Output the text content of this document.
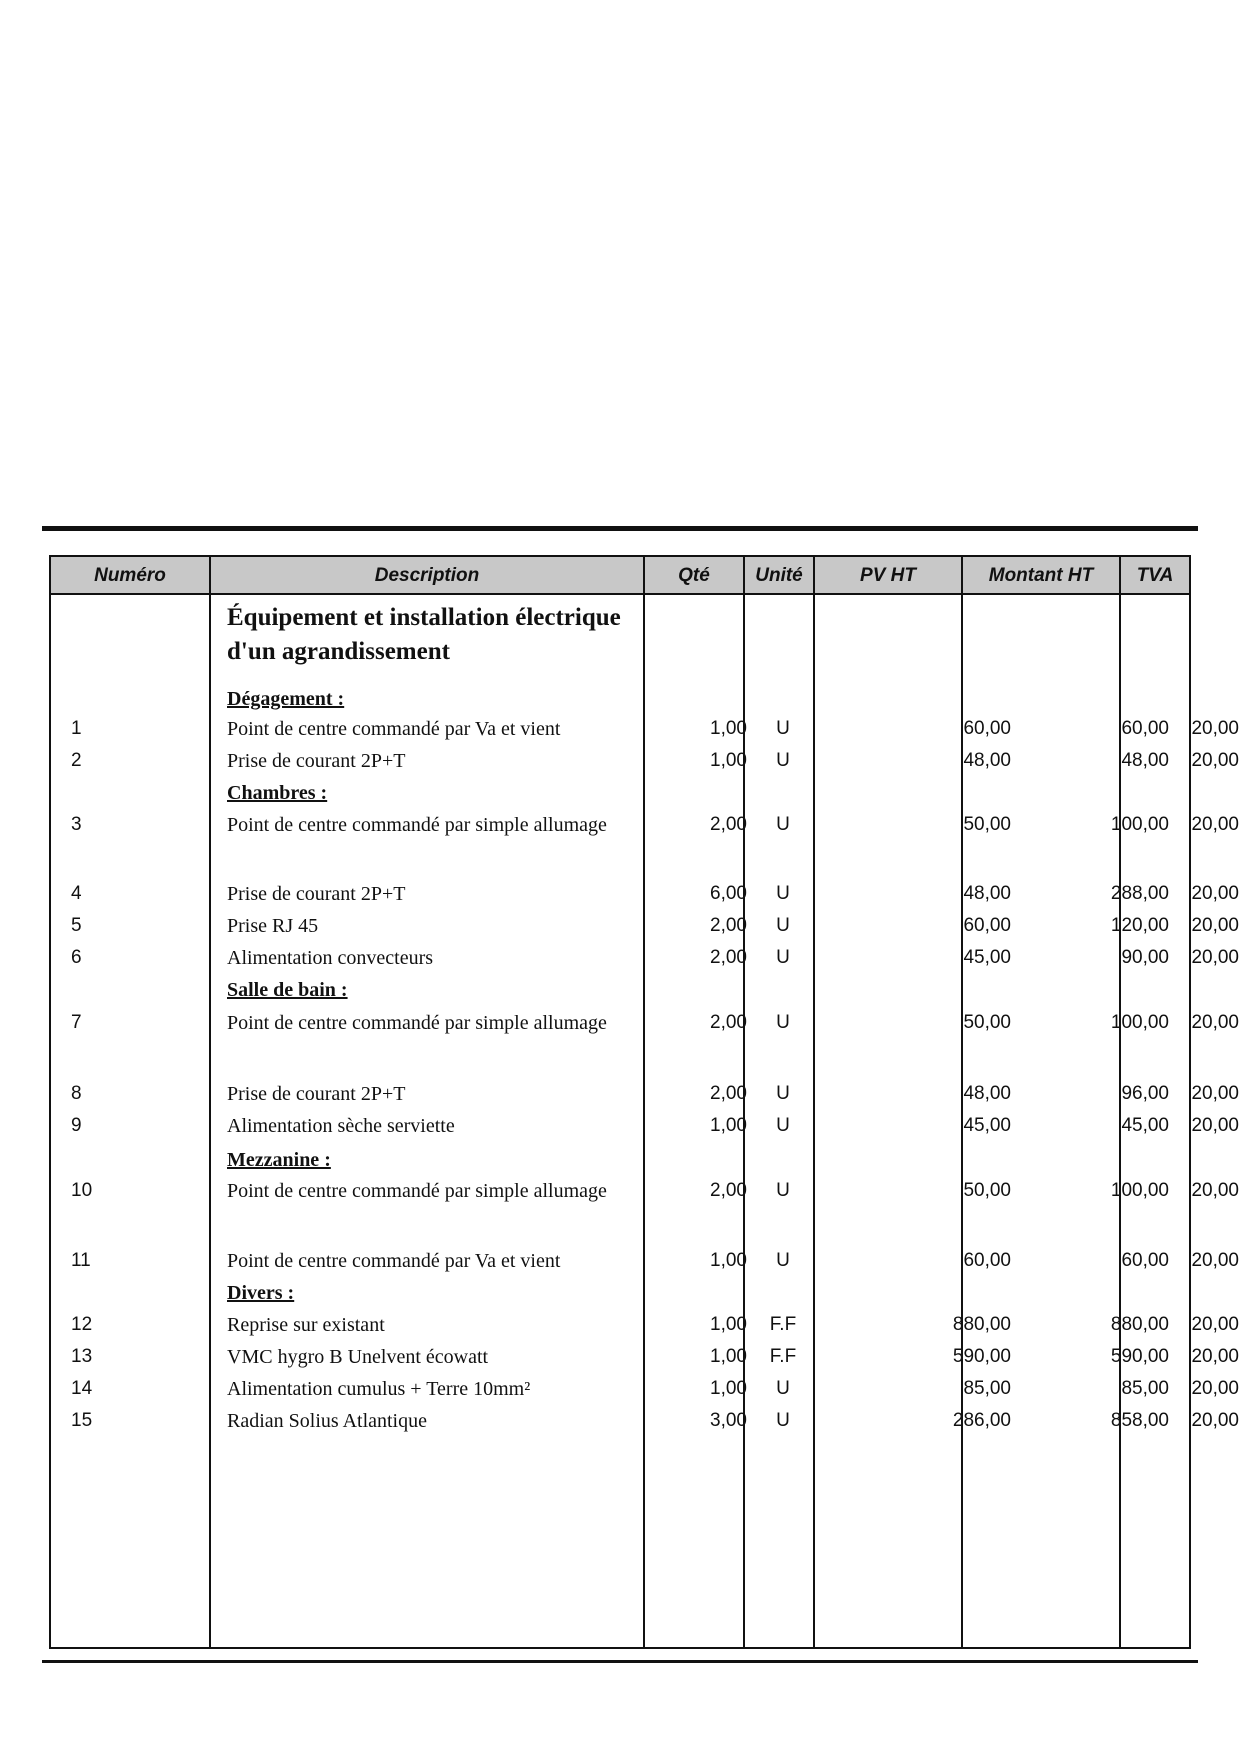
Numéro	Description	Qté	Unité	PV HT	Montant HT	TVA
Équipement et installation électrique d'un agrandissement
Dégagement :
1	Point de centre commandé par Va et vient	1,00	U	60,00	60,00	20,00
2	Prise de courant 2P+T	1,00	U	48,00	48,00	20,00
Chambres :
3	Point de centre commandé par simple allumage	2,00	U	50,00	100,00	20,00
4	Prise de courant 2P+T	6,00	U	48,00	288,00	20,00
5	Prise RJ 45	2,00	U	60,00	120,00	20,00
6	Alimentation convecteurs	2,00	U	45,00	90,00	20,00
Salle de bain :
7	Point de centre commandé par simple allumage	2,00	U	50,00	100,00	20,00
8	Prise de courant 2P+T	2,00	U	48,00	96,00	20,00
9	Alimentation sèche serviette	1,00	U	45,00	45,00	20,00
Mezzanine :
10	Point de centre commandé par simple allumage	2,00	U	50,00	100,00	20,00
11	Point de centre commandé par Va et vient	1,00	U	60,00	60,00	20,00
Divers :
12	Reprise sur existant	1,00	F.F	880,00	880,00	20,00
13	VMC hygro B Unelvent écowatt	1,00	F.F	590,00	590,00	20,00
14	Alimentation cumulus + Terre 10mm²	1,00	U	85,00	85,00	20,00
15	Radian Solius Atlantique	3,00	U	286,00	858,00	20,00
